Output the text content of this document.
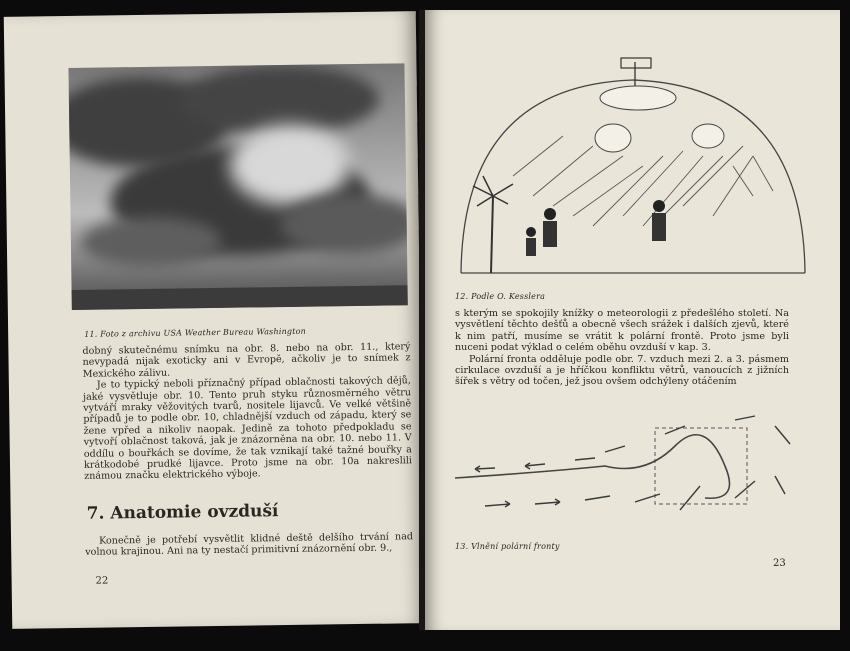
11. Foto z archivu USA Weather Bureau Washington

dobný skutečnému snímku na obr. 8. nebo na obr. 11., který nevypadá nijak exoticky ani v Evropě, ačkoliv je to snímek z Mexického zálivu.

Je to typický neboli příznačný případ oblačnosti takových dějů, jaké vysvětluje obr. 10. Tento pruh styku různosměrného větru vytváří mraky věžovitých tvarů, nositele lijavců. Ve velké většině případů je to podle obr. 10, chladnější vzduch od západu, který se žene vpřed a nikoliv naopak. Jedině za tohoto předpokladu se vytvoří oblačnost taková, jak je znázorněna na obr. 10. nebo 11. V oddílu o bouřkách se dovíme, že tak vznikají také tažné bouřky a krátkodobé prudké lijavce. Proto jsme na obr. 10a nakreslili známou značku elektrického výboje.

7. Anatomie ovzduší

Konečně je potřebí vysvětlit klidné deště delšího trvání nad volnou krajinou. Ani na ty nestačí primitivní znázornění obr. 9.,

22
12. Podle O. Kesslera

s kterým se spokojily knížky o meteorologii z předešlého století. Na vysvětlení těchto dešťů a obecně všech srážek i dalších zjevů, které k nim patří, musíme se vrátit k polární frontě. Proto jsme byli nuceni podat výklad o celém oběhu ovzduší v kap. 3.

Polární fronta odděluje podle obr. 7. vzduch mezi 2. a 3. pásmem cirkulace ovzduší a je hříčkou konfliktu větrů, vanoucích z jižních šířek s větry od točen, jež jsou ovšem odchýleny otáčením

13. Vlnění polární fronty
23
